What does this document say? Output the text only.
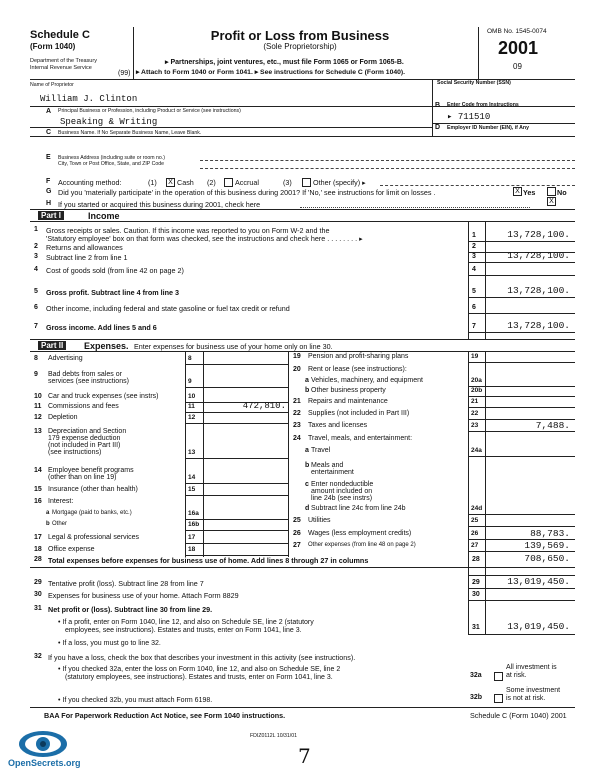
Schedule C
(Form 1040)
Department of the Treasury
Internal Revenue Service
(99)
Profit or Loss from Business
(Sole Proprietorship)
▸ Partnerships, joint ventures, etc., must file Form 1065 or Form 1065-B.
▸ Attach to Form 1040 or Form 1041. ▸ See instructions for Schedule C (Form 1040).
OMB No. 1545-0074
2001
09
Name of Proprietor	Social Security Number (SSN)
William J. Clinton
A Principal Business or Profession, including Product or Service (see instructions)
Speaking & Writing
B Enter Code from Instructions
▸ 711510
C Business Name. If No Separate Business Name, Leave Blank.
D Employer ID Number (EIN), if Any
E Business Address (including suite or room no.)
City, Town or Post Office, State, and ZIP Code
F Accounting method:	(1)	X Cash (2)	Accrual	(3)	Other (specify) ▸
G Did you 'materially participate' in the operation of this business during 2001? If 'No,' see instructions for limit on losses .	X Yes	No
H If you started or acquired this business during 2001, check here	X
Part I	Income
1 Gross receipts or sales. Caution. If this income was reported to you on Form W-2 and the
'Statutory employee' box on that form was checked, see the instructions and check here . . . . . . . . ▸	1	13,728,100.
2 Returns and allowances	2
3 Subtract line 2 from line 1	3	13,728,100.
4 Cost of goods sold (from line 42 on page 2)	4
5 Gross profit. Subtract line 4 from line 3	5	13,728,100.
6 Other income, including federal and state gasoline or fuel tax credit or refund	6
7 Gross income. Add lines 5 and 6	7	13,728,100.
Part II	Expenses. Enter expenses for business use of your home only on line 30.
8 Advertising	8
9 Bad debts from sales or
services (see instructions)	9
10 Car and truck expenses (see instrs)	10
11 Commissions and fees	11	472,810.
12 Depletion	12
13 Depreciation and Section
179 expense deduction
(not included in Part III)
(see instructions)	13
14 Employee benefit programs
(other than on line 19)	14
15 Insurance (other than health)	15
16 Interest:
a Mortgage (paid to banks, etc.)	16a
b Other	16b
17 Legal & professional services	17
18 Office expense	18
19 Pension and profit-sharing plans	19
20 Rent or lease (see instructions):
a Vehicles, machinery, and equipment	20a
b Other business property	20b
21 Repairs and maintenance	21
22 Supplies (not included in Part III)	22
23 Taxes and licenses	23	7,488.
24 Travel, meals, and entertainment:
a Travel	24a
b Meals and
entertainment
c Enter nondeductible
amount included on
line 24b (see instrs)
d Subtract line 24c from line 24b	24d
25 Utilities	25
26 Wages (less employment credits)	26	88,783.
27 Other expenses (from line 48 on page 2)	27	139,569.
28 Total expenses before expenses for business use of home. Add lines 8 through 27 in columns	28	708,650.
29 Tentative profit (loss). Subtract line 28 from line 7	29	13,019,450.
30 Expenses for business use of your home. Attach Form 8829	30
31 Net profit or (loss). Subtract line 30 from line 29.
• If a profit, enter on Form 1040, line 12, and also on Schedule SE, line 2 (statutory
employees, see instructions). Estates and trusts, enter on Form 1041, line 3.
• If a loss, you must go to line 32.
31	13,019,450.
32 If you have a loss, check the box that describes your investment in this activity (see instructions).
• If you checked 32a, enter the loss on Form 1040, line 12, and also on Schedule SE, line 2
(statutory employees, see instructions). Estates and trusts, enter on Form 1041, line 3.
• If you checked 32b, you must attach Form 6198.
32a
All investment is
at risk.
32b
Some investment
is not at risk.
BAA For Paperwork Reduction Act Notice, see Form 1040 instructions.	Schedule C (Form 1040) 2001
FDIZ0112L 10/31/01
7
OpenSecrets.org
